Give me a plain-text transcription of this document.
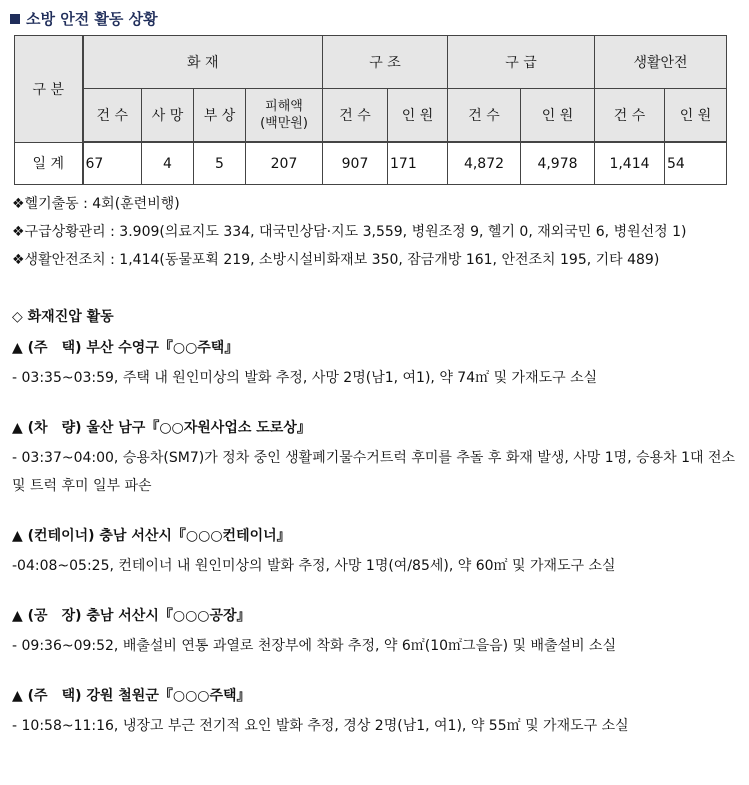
소방 안전 활동 상황
구 분	화 재				구 조		구 급		생활안전	
	건 수	사 망	부 상	피해액
(백만원)	건 수	인 원	건 수	인 원	건 수	인 원
일 계	67	4	5	207	907	171	4,872	4,978	1,414	54
❖헬기출동 : 4회(훈련비행)
❖구급상황관리 : 3.909(의료지도 334, 대국민상담·지도 3,559, 병원조정 9, 헬기 0, 재외국민 6, 병원선정 1)
❖생활안전조치 : 1,414(동물포획 219, 소방시설비화재보 350, 잠금개방 161, 안전조치 195, 기타 489)
◇ 화재진압 활동
▲ (주　택) 부산 수영구『○○주택』
- 03:35~03:59, 주택 내 원인미상의 발화 추정, 사망 2명(남1, 여1), 약 74㎡ 및 가재도구 소실
▲ (차　량) 울산 남구『○○자원사업소 도로상』
- 03:37~04:00, 승용차(SM7)가 정차 중인 생활폐기물수거트럭 후미를 추돌 후 화재 발생, 사망 1명, 승용차 1대 전소 및 트럭 후미 일부 파손
▲ (컨테이너) 충남 서산시『○○○컨테이너』
-04:08~05:25, 컨테이너 내 원인미상의 발화 추정, 사망 1명(여/85세), 약 60㎡ 및 가재도구 소실
▲ (공　장) 충남 서산시『○○○공장』
- 09:36~09:52, 배출설비 연통 과열로 천장부에 착화 추정, 약 6㎡(10㎡그을음) 및 배출설비 소실
▲ (주　택) 강원 철원군『○○○주택』
- 10:58~11:16, 냉장고 부근 전기적 요인 발화 추정, 경상 2명(남1, 여1), 약 55㎡ 및 가재도구 소실
